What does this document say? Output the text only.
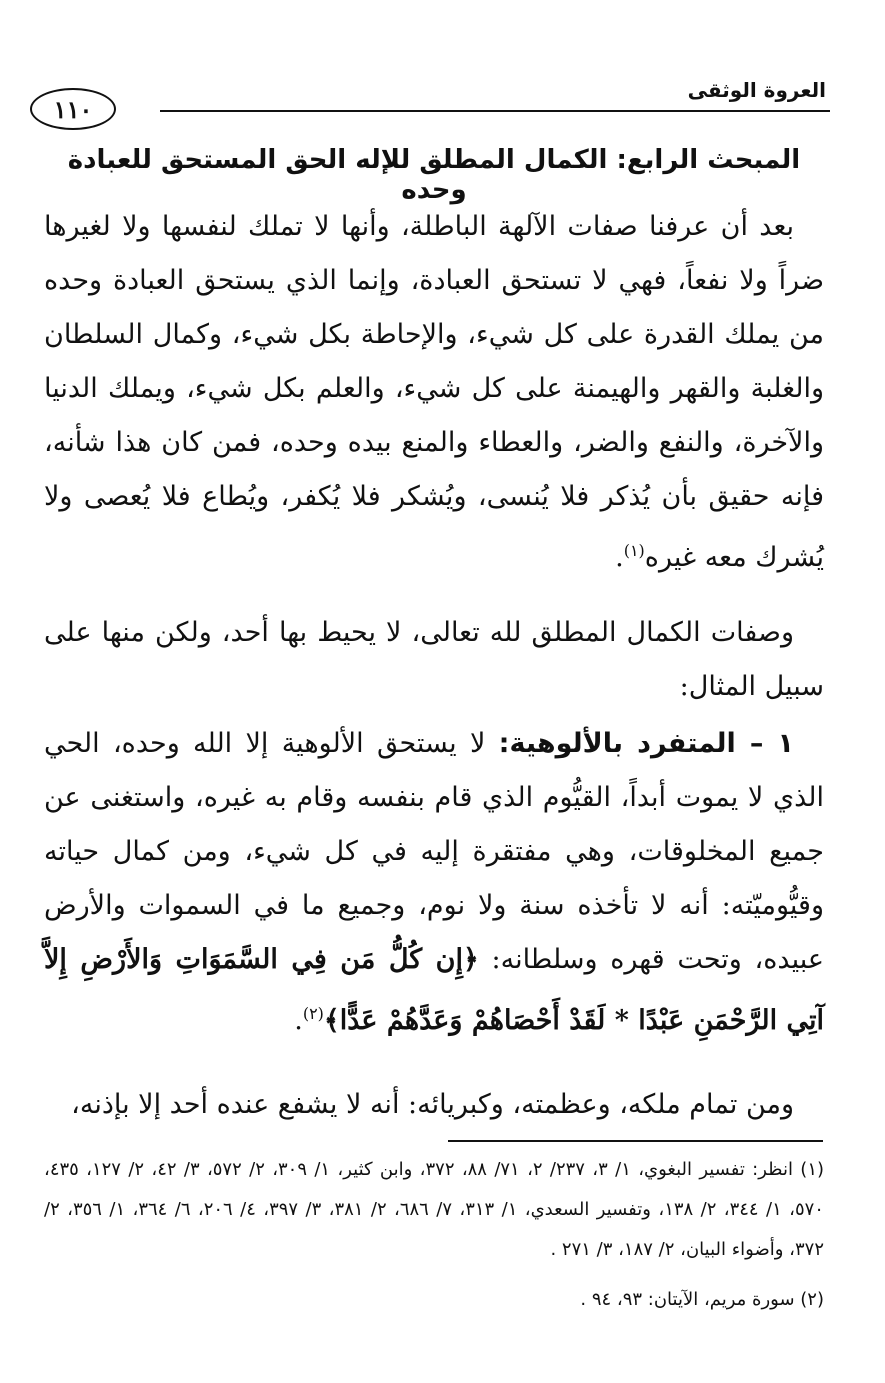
١١٠
العروة الوثقى
المبحث الرابع: الكمال المطلق للإله الحق المستحق للعبادة وحده

بعد أن عرفنا صفات الآلهة الباطلة، وأنها لا تملك لنفسها ولا لغيرها ضراً ولا نفعاً، فهي لا تستحق العبادة، وإنما الذي يستحق العبادة وحده من يملك القدرة على كل شيء، والإحاطة بكل شيء، وكمال السلطان والغلبة والقهر والهيمنة على كل شيء، والعلم بكل شيء، ويملك الدنيا والآخرة، والنفع والضر، والعطاء والمنع بيده وحده، فمن كان هذا شأنه، فإنه حقيق بأن يُذكر فلا يُنسى، ويُشكر فلا يُكفر، ويُطاع فلا يُعصى ولا يُشرك معه غيره$^{(١)}$.

وصفات الكمال المطلق لله تعالى، لا يحيط بها أحد، ولكن منها على سبيل المثال:

١ – المتفرد بالألوهية: لا يستحق الألوهية إلا الله وحده، الحي الذي لا يموت أبداً، القيُّوم الذي قام بنفسه وقام به غيره، واستغنى عن جميع المخلوقات، وهي مفتقرة إليه في كل شيء، ومن كمال حياته وقيُّوميّته: أنه لا تأخذه سنة ولا نوم، وجميع ما في السموات والأرض عبيده، وتحت قهره وسلطانه: ﴿إِن كُلُّ مَن فِي السَّمَوَاتِ وَالأَرْضِ إِلاَّ آتِي الرَّحْمَنِ عَبْدًا * لَقَدْ أَحْصَاهُمْ وَعَدَّهُمْ عَدًّا﴾$^{(٢)}$.

ومن تمام ملكه، وعظمته، وكبريائه: أنه لا يشفع عنده أحد إلا بإذنه،

(١) انظر: تفسير البغوي، ١/ ٣، ٢٣٧/ ٢، ٧١/ ٨٨، ٣٧٢، وابن كثير، ١/ ٣٠٩، ٢/ ٥٧٢، ٣/ ٤٢، ٢/ ١٢٧، ٤٣٥، ٥٧٠، ١/ ٣٤٤، ٢/ ١٣٨، وتفسير السعدي، ١/ ٣١٣، ٧/ ٦٨٦، ٢/ ٣٨١، ٣/ ٣٩٧، ٤/ ٢٠٦، ٦/ ٣٦٤، ١/ ٣٥٦، ٢/ ٣٧٢، وأضواء البيان، ٢/ ١٨٧، ٣/ ٢٧١ .

(٢) سورة مريم، الآيتان: ٩٣، ٩٤ .
